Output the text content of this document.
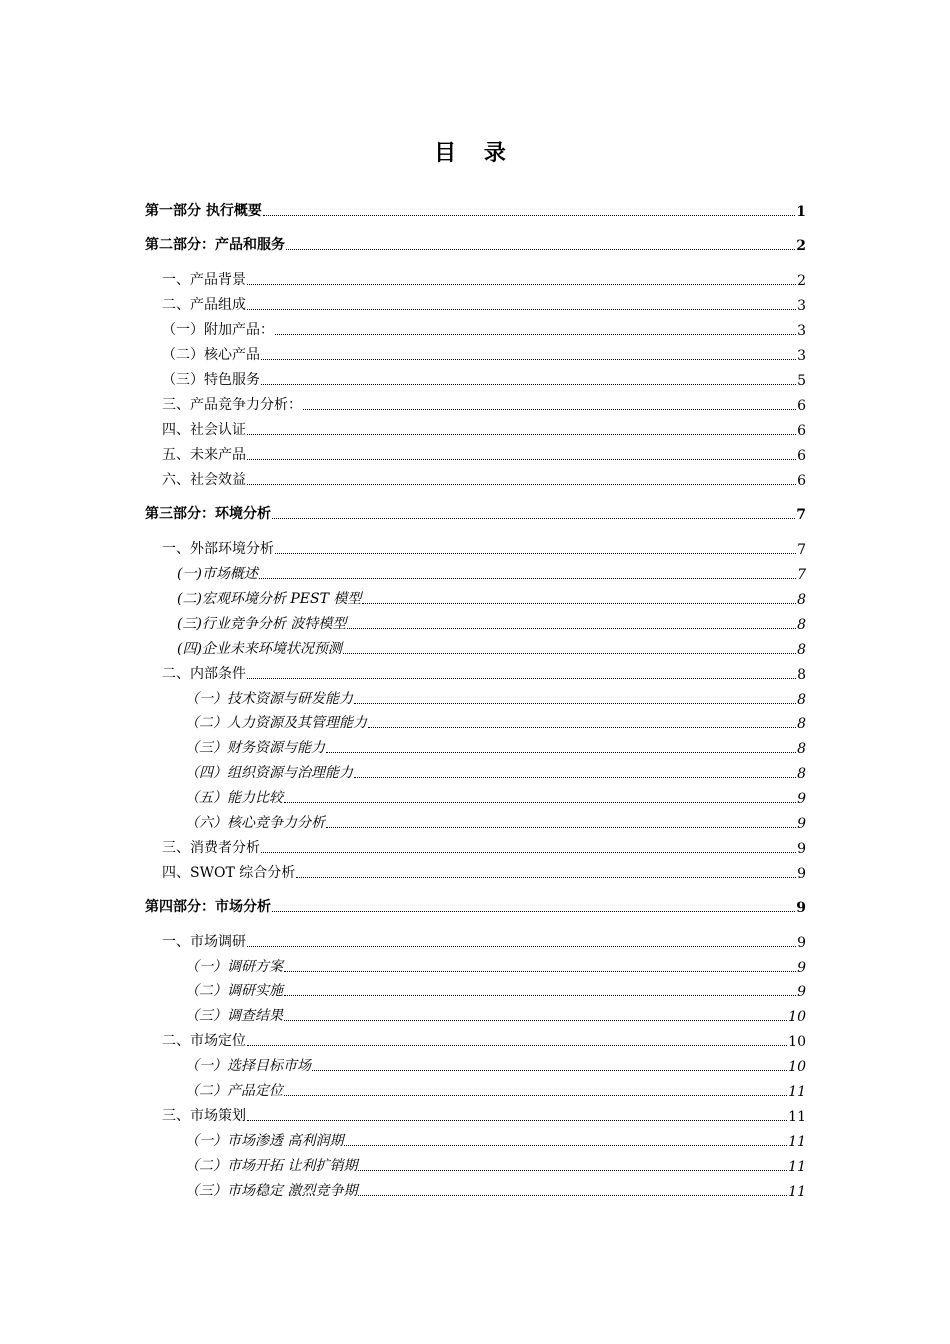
目 录
第一部分 执行概要	1
第二部分：产品和服务	2
一、产品背景	2
二、产品组成	3
（一）附加产品：	3
（二）核心产品	3
（三）特色服务	5
三、产品竞争力分析：	6
四、社会认证	6
五、未来产品	6
六、社会效益	6
第三部分：环境分析	7
一、外部环境分析	7
(一)市场概述	7
(二)宏观环境分析 PEST 模型	8
(三)行业竞争分析 波特模型	8
(四)企业未来环境状况预测	8
二、内部条件	8
（一）技术资源与研发能力	8
（二）人力资源及其管理能力	8
（三）财务资源与能力	8
（四）组织资源与治理能力	8
（五）能力比较	9
（六）核心竞争力分析	9
三、消费者分析	9
四、SWOT 综合分析	9
第四部分：市场分析	9
一、市场调研	9
（一）调研方案	9
（二）调研实施	9
（三）调查结果	10
二、市场定位	10
（一）选择目标市场	10
（二）产品定位	11
三、市场策划	11
（一）市场渗透 高利润期	11
（二）市场开拓 让利扩销期	11
（三）市场稳定 激烈竞争期	11
